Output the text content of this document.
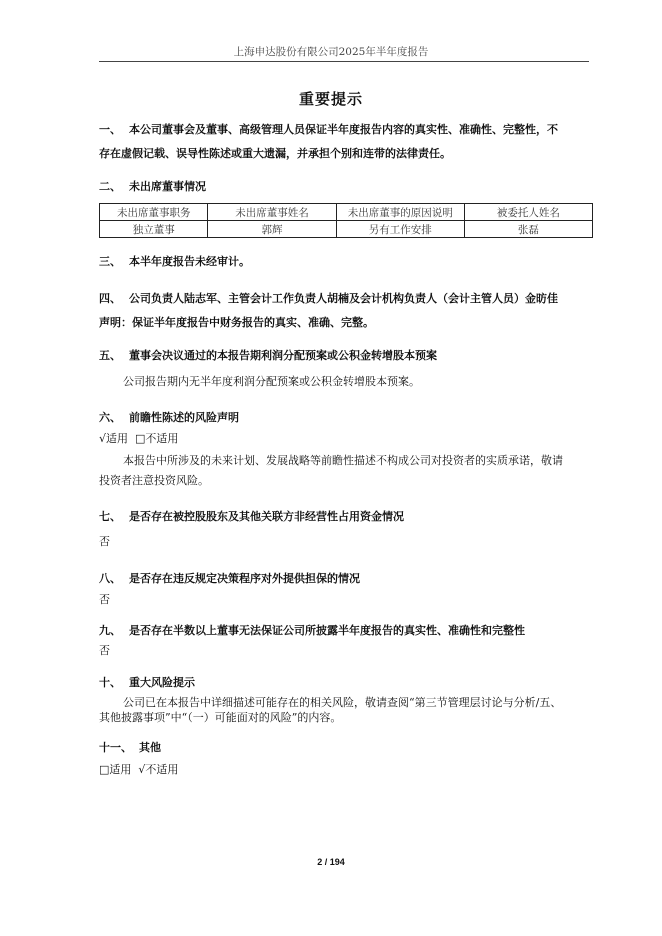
上海申达股份有限公司2025年半年度报告
重要提示
一、 本公司董事会及董事、高级管理人员保证半年度报告内容的真实性、准确性、完整性，不
存在虚假记载、误导性陈述或重大遗漏，并承担个别和连带的法律责任。
二、 未出席董事情况
未出席董事职务	未出席董事姓名	未出席董事的原因说明	被委托人姓名
独立董事	郭辉	另有工作安排	张磊
三、 本半年度报告未经审计。
四、 公司负责人陆志军、主管会计工作负责人胡楠及会计机构负责人（会计主管人员）金昉佳
声明：保证半年度报告中财务报告的真实、准确、完整。
五、 董事会决议通过的本报告期利润分配预案或公积金转增股本预案
公司报告期内无半年度利润分配预案或公积金转增股本预案。
六、 前瞻性陈述的风险声明
√适用  □不适用
本报告中所涉及的未来计划、发展战略等前瞻性描述不构成公司对投资者的实质承诺，敬请
投资者注意投资风险。
七、 是否存在被控股股东及其他关联方非经营性占用资金情况
否
八、 是否存在违反规定决策程序对外提供担保的情况
否
九、 是否存在半数以上董事无法保证公司所披露半年度报告的真实性、准确性和完整性
否
十、 重大风险提示
公司已在本报告中详细描述可能存在的相关风险，敬请查阅“第三节管理层讨论与分析/五、
其他披露事项”中“（一）可能面对的风险”的内容。
十一、 其他
□适用  √不适用
2 / 194
